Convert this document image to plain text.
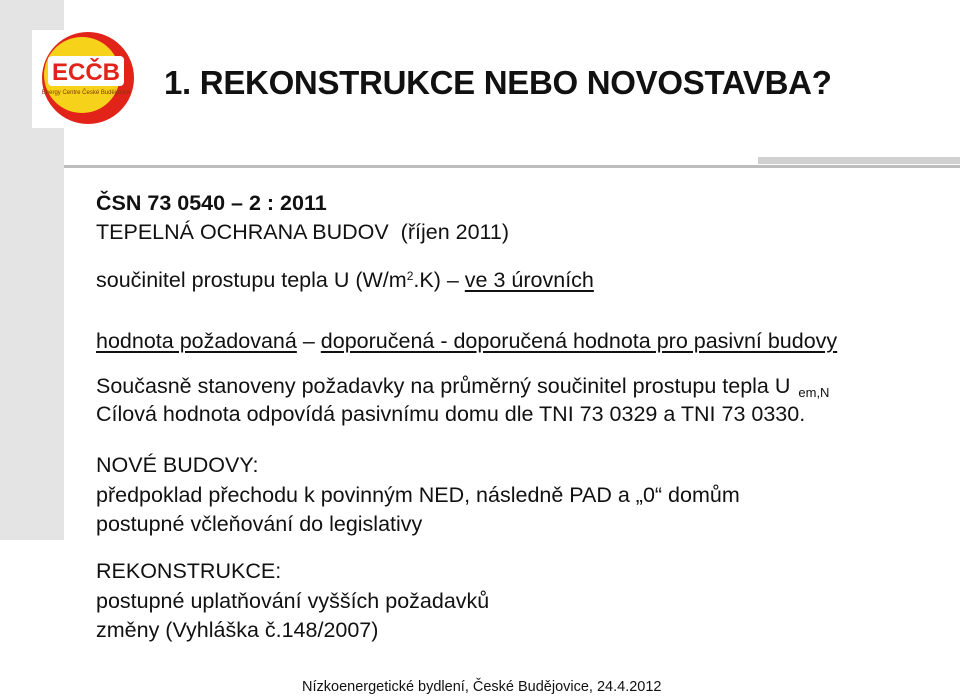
ECČB
Energy Centre České Budějovice 1. REKONSTRUKCE NEBO NOVOSTAVBA?
ČSN 73 0540 – 2 : 2011
TEPELNÁ OCHRANA BUDOV (říjen 2011)
součinitel prostupu tepla U $(W/m^2.K)$ – ve 3 úrovních
hodnota požadovaná – doporučená - doporučená hodnota pro pasivní budovy
Současně stanoveny požadavky na průměrný součinitel prostupu tepla U $_{em,N}$
Cílová hodnota odpovídá pasivnímu domu dle TNI 73 0329 a TNI 73 0330.
NOVÉ BUDOVY:
předpoklad přechodu k povinným NED, následně PAD a „0“ domům
postupné včleňování do legislativy
REKONSTRUKCE:
postupné uplatňování vyšších požadavků
změny (Vyhláška č.148/2007)
Nízkoenergetické bydlení, České Budějovice, 24.4.2012
